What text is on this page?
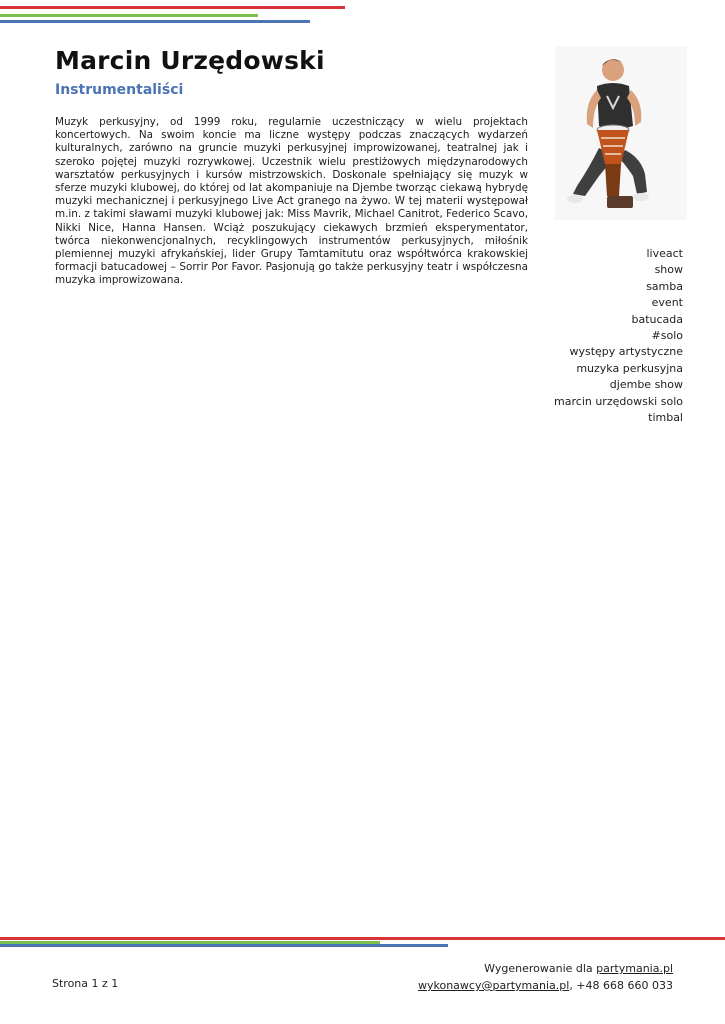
Marcin Urzędowski
Instrumentaliści
Muzyk perkusyjny, od 1999 roku, regularnie uczestniczący w wielu projektach koncertowych. Na swoim koncie ma liczne występy podczas znaczących wydarzeń kulturalnych, zarówno na gruncie muzyki perkusyjnej improwizowanej, teatralnej jak i szeroko pojętej muzyki rozrywkowej. Uczestnik wielu prestiżowych międzynarodowych warsztatów perkusyjnych i kursów mistrzowskich. Doskonale spełniający się muzyk w sferze muzyki klubowej, do której od lat akompaniuje na Djembe tworząc ciekawą hybrydę muzyki mechanicznej i perkusyjnego Live Act granego na żywo. W tej materii występował m.in. z takimi sławami muzyki klubowej jak: Miss Mavrik, Michael Canitrot, Federico Scavo, Nikki Nice, Hanna Hansen. Wciąż poszukujący ciekawych brzmień eksperymentator, twórca niekonwencjonalnych, recyklingowych instrumentów perkusyjnych, miłośnik plemiennej muzyki afrykańskiej, lider Grupy Tamtamitutu oraz współtwórca krakowskiej formacji batucadowej – Sorrir Por Favor. Pasjonują go także perkusyjny teatr i współczesna muzyka improwizowana.
liveact
show
samba
event
batucada
#solo
występy artystyczne
muzyka perkusyjna
djembe show
marcin urzędowski solo
timbal
Strona 1 z 1
Wygenerowanie dla partymania.pl
wykonawcy@partymania.pl, +48 668 660 033
